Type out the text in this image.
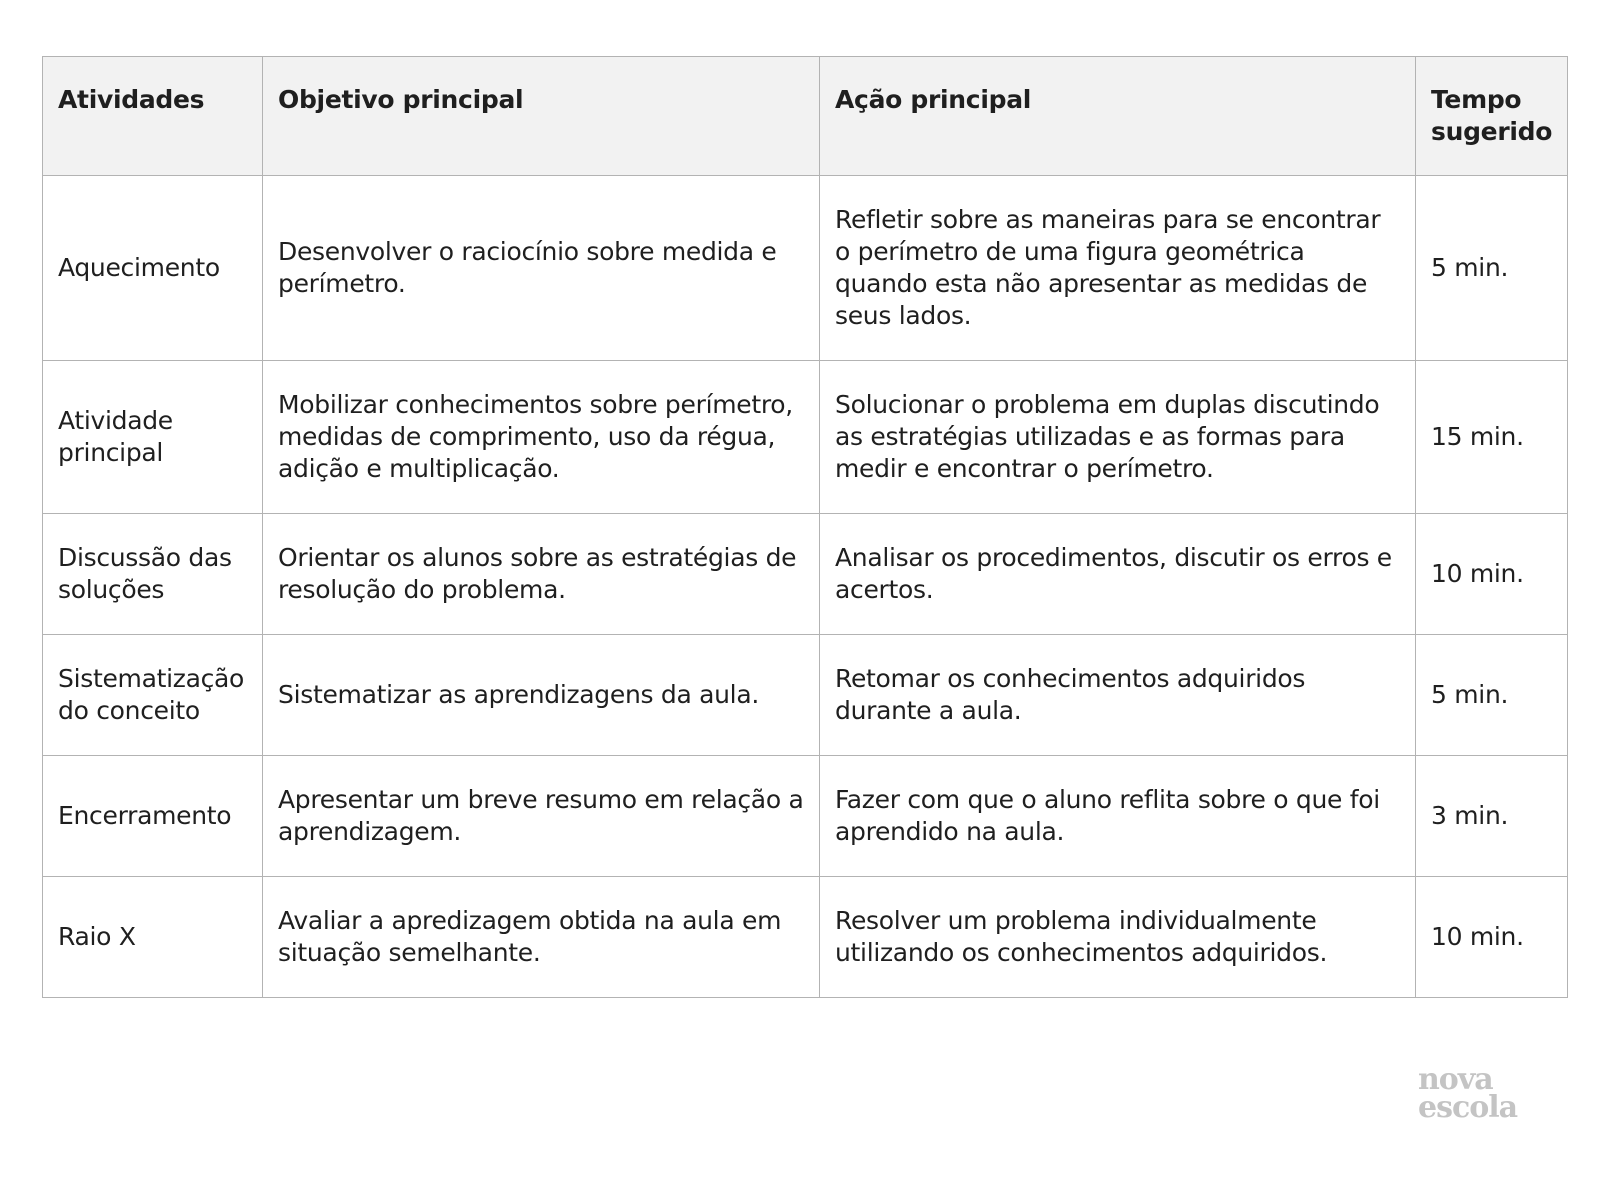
Atividades	Objetivo principal	Ação principal	Tempo sugerido
Aquecimento	Desenvolver o raciocínio sobre medida e perímetro.	Refletir sobre as maneiras para se encontrar o perímetro de uma figura geométrica quando esta não apresentar as medidas de seus lados.	5 min.
Atividade principal	Mobilizar conhecimentos sobre perímetro, medidas de comprimento, uso da régua, adição e multiplicação.	Solucionar o problema em duplas discutindo as estratégias utilizadas e as formas para medir e encontrar o perímetro.	15 min.
Discussão das soluções	Orientar os alunos sobre as estratégias de resolução do problema.	Analisar os procedimentos, discutir os erros e acertos.	10 min.
Sistematização do conceito	Sistematizar as aprendizagens da aula.	Retomar os conhecimentos adquiridos durante a aula.	5 min.
Encerramento	Apresentar um breve resumo em relação a aprendizagem.	Fazer com que o aluno reflita sobre o que foi aprendido na aula.	3 min.
Raio X	Avaliar a apredizagem obtida na aula em situação semelhante.	Resolver um problema individualmente utilizando os conhecimentos adquiridos.	10 min.
nova
escola
